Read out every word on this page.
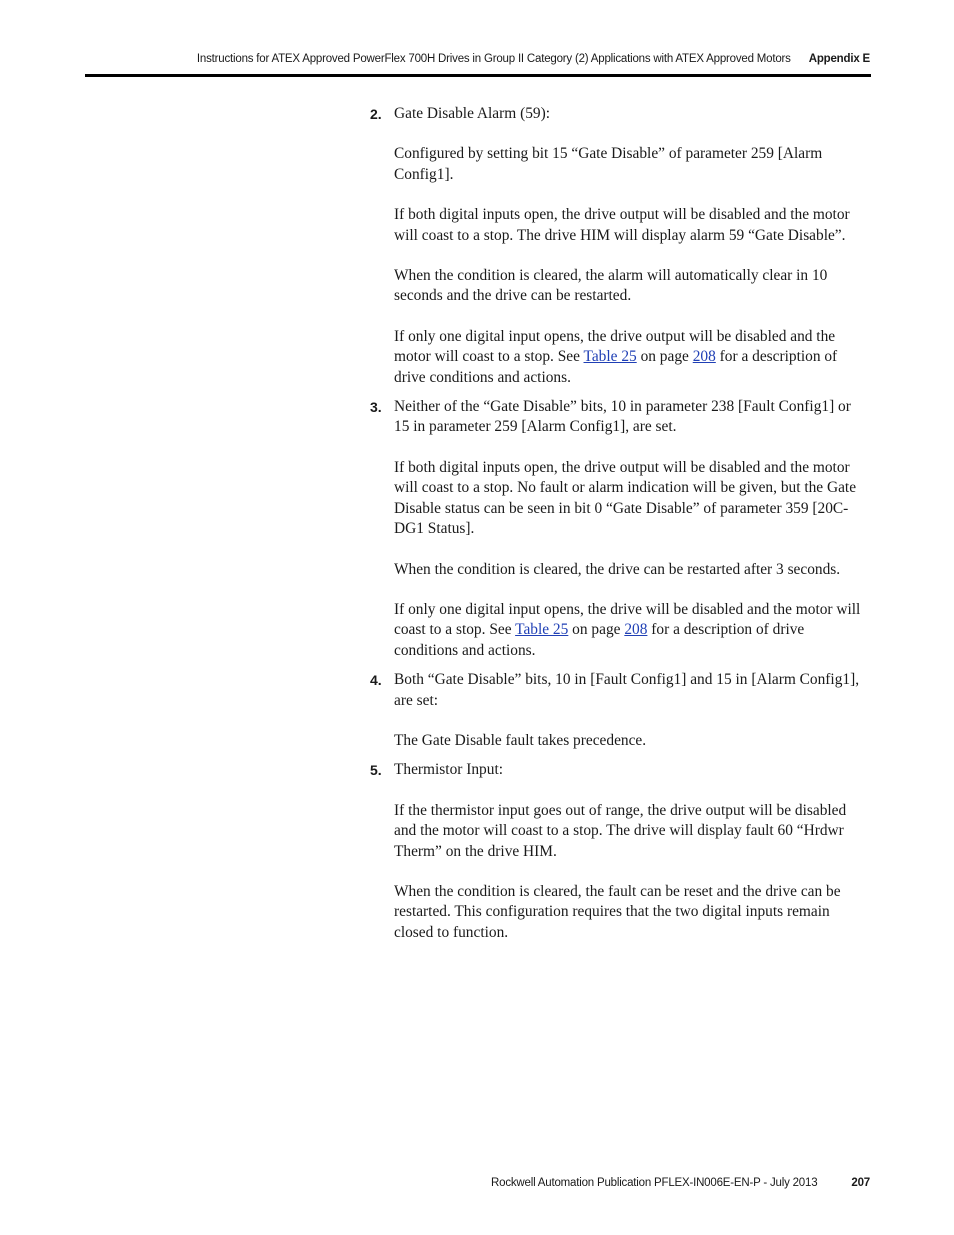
Instructions for ATEX Approved PowerFlex 700H Drives in Group II Category (2) Applications with ATEX Approved Motors Appendix E
2. Gate Disable Alarm (59):

Configured by setting bit 15 “Gate Disable” of parameter 259 [Alarm Config1].

If both digital inputs open, the drive output will be disabled and the motor will coast to a stop. The drive HIM will display alarm 59 “Gate Disable”.

When the condition is cleared, the alarm will automatically clear in 10 seconds and the drive can be restarted.

If only one digital input opens, the drive output will be disabled and the motor will coast to a stop. See Table 25 on page 208 for a description of drive conditions and actions.

3. Neither of the “Gate Disable” bits, 10 in parameter 238 [Fault Config1] or 15 in parameter 259 [Alarm Config1], are set.

If both digital inputs open, the drive output will be disabled and the motor will coast to a stop. No fault or alarm indication will be given, but the Gate Disable status can be seen in bit 0 “Gate Disable” of parameter 359 [20C-DG1 Status].

When the condition is cleared, the drive can be restarted after 3 seconds.

If only one digital input opens, the drive will be disabled and the motor will coast to a stop. See Table 25 on page 208 for a description of drive conditions and actions.

4. Both “Gate Disable” bits, 10 in [Fault Config1] and 15 in [Alarm Config1], are set:

The Gate Disable fault takes precedence.

5. Thermistor Input:

If the thermistor input goes out of range, the drive output will be disabled and the motor will coast to a stop. The drive will display fault 60 “Hrdwr Therm” on the drive HIM.

When the condition is cleared, the fault can be reset and the drive can be restarted. This configuration requires that the two digital inputs remain closed to function.

Rockwell Automation Publication PFLEX-IN006E-EN-P - July 2013	207
